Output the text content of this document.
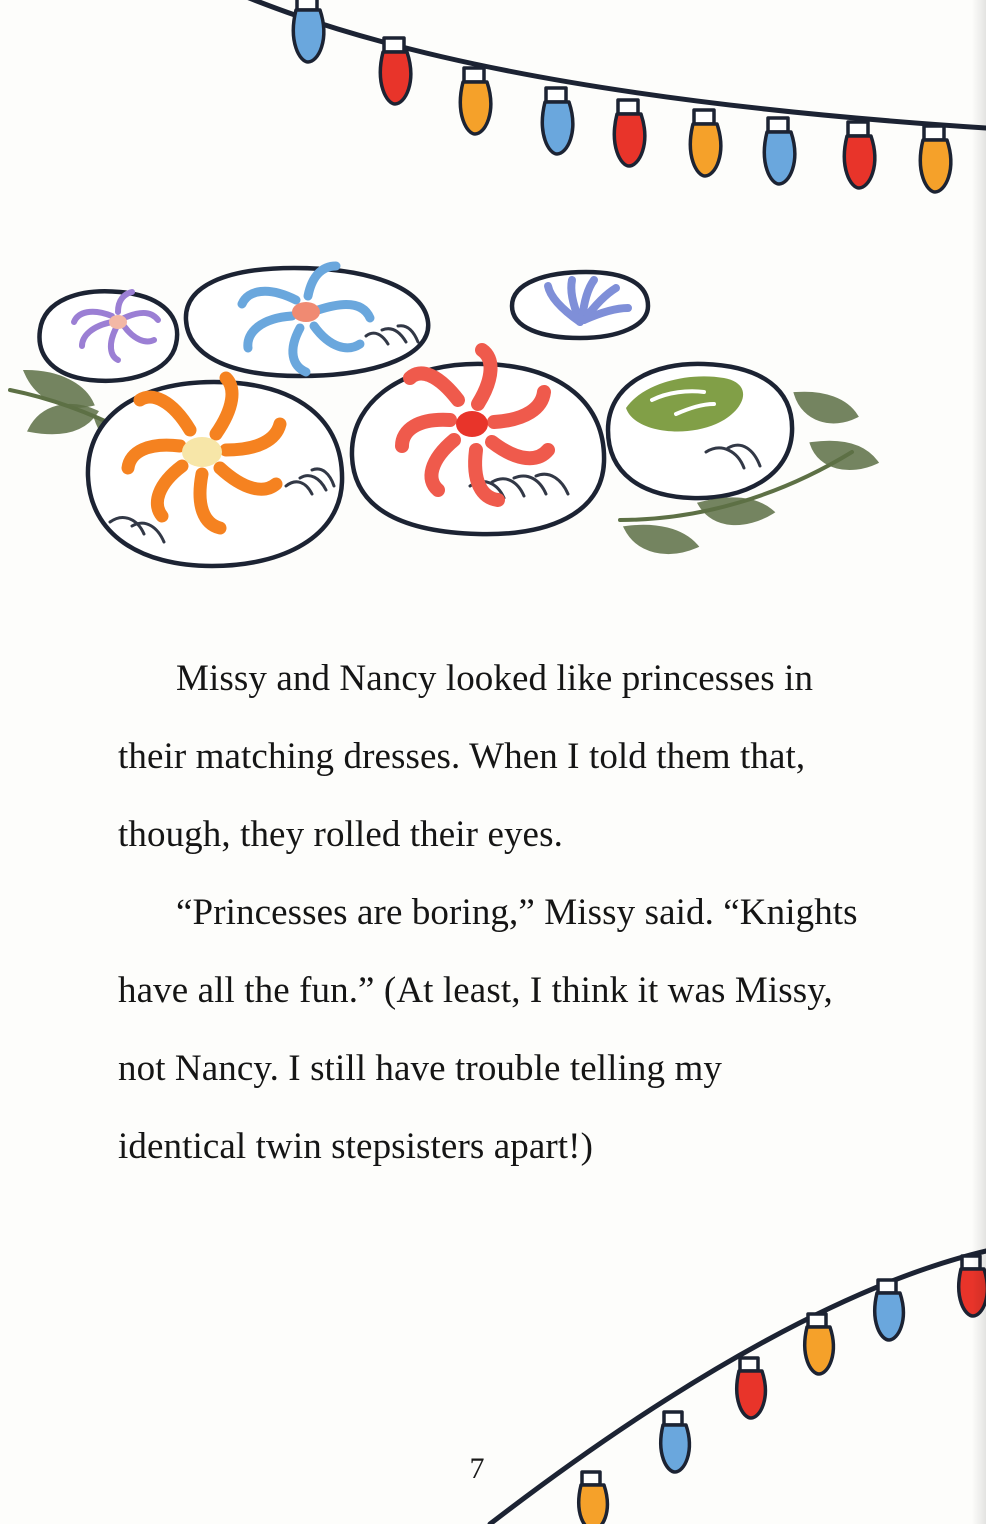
Missy and Nancy looked like princesses in their matching dresses. When I told them that, though, they rolled their eyes.

“Princesses are boring,” Missy said. “Knights have all the fun.” (At least, I think it was Missy, not Nancy. I still have trouble telling my identical twin stepsisters apart!)

7
